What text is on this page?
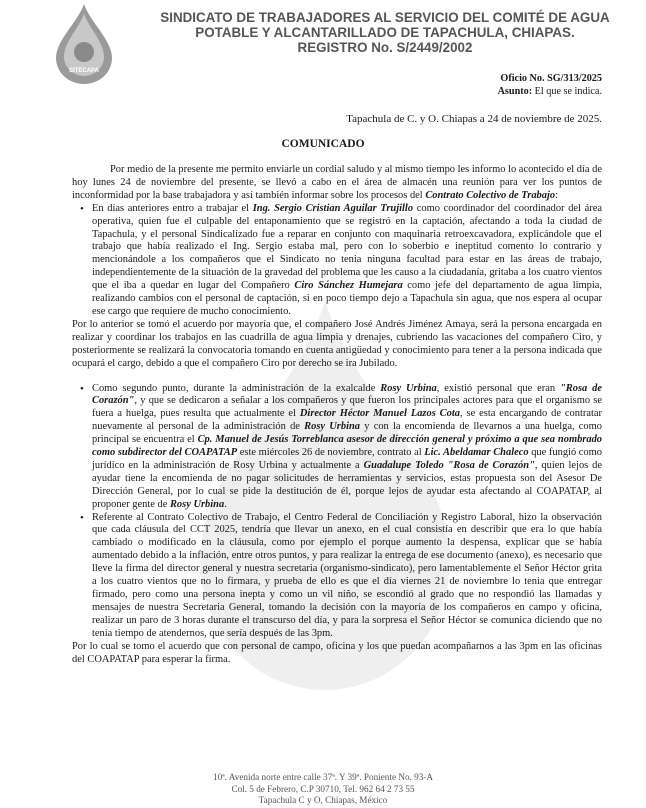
SITECAPA
SINDICATO DE TRABAJADORES AL SERVICIO DEL COMITÉ DE AGUA
POTABLE Y ALCANTARILLADO DE TAPACHULA, CHIAPAS.
REGISTRO No. S/2449/2002
Oficio No. SG/313/2025
Asunto: El que se indica.
Tapachula de C. y O. Chiapas a 24 de noviembre de 2025.
COMUNICADO

Por medio de la presente me permito enviarle un cordial saludo y al mismo tiempo les informo lo acontecido el día de hoy lunes 24 de noviembre del presente, se llevó a cabo en el área de almacén una reunión para ver los puntos de inconformidad por la base trabajadora y así también informar sobre los procesos del Contrato Colectivo de Trabajo:

• En días anteriores entro a trabajar el Ing. Sergio Cristian Aguilar Trujillo como coordinador del coordinador del área operativa, quien fue el culpable del entaponamiento que se registró en la captación, afectando a toda la ciudad de Tapachula, y el personal Sindicalizado fue a reparar en conjunto con maquinaria retroexcavadora, explicándole que el trabajo que había realizado el Ing. Sergio estaba mal, pero con lo soberbio e ineptitud comento lo contrario y mencionándole a los compañeros que el Sindicato no tenia ninguna facultad para estar en las áreas de trabajo, independientemente de la situación de la gravedad del problema que les causo a la ciudadanía, gritaba a los cuatro vientos que el iba a quedar en lugar del Compañero Ciro Sánchez Humejara como jefe del departamento de agua limpia, realizando cambios con el personal de captación, si en poco tiempo dejo a Tapachula sin agua, que nos espera al ocupar ese cargo que requiere de mucho conocimiento.

Por lo anterior se tomó el acuerdo por mayoría que, el compañero José Andrés Jiménez Amaya, será la persona encargada en realizar y coordinar los trabajos en las cuadrilla de agua limpia y drenajes, cubriendo las vacaciones del compañero Ciro, y posteriormente se realizará la convocatoria tomando en cuenta antigüedad y conocimiento para tener a la persona indicada que ocupará el cargo, debido a que el compañero Ciro por derecho se ira Jubilado.

• Como segundo punto, durante la administración de la exalcalde Rosy Urbina, existió personal que eran "Rosa de Corazón", y que se dedicaron a señalar a los compañeros y que fueron los principales actores para que el organismo se fuera a huelga, pues resulta que actualmente el Director Héctor Manuel Lazos Cota, se esta encargando de contratar nuevamente al personal de la administración de Rosy Urbina y con la encomienda de llevarnos a una huelga, como principal se encuentra el Cp. Manuel de Jesús Torreblanca asesor de dirección general y próximo a que sea nombrado como subdirector del COAPATAP este miércoles 26 de noviembre, contrato al Lic. Abeldamar Chaleco que fungió como jurídico en la administración de Rosy Urbina y actualmente a Guadalupe Toledo "Rosa de Corazón", quien lejos de ayudar tiene la encomienda de no pagar solicitudes de herramientas y servicios, estas propuesta son del Asesor De Dirección General, por lo cual se pide la destitución de él, porque lejos de ayudar esta afectando al COAPATAP, al proponer gente de Rosy Urbina.
• Referente al Contrato Colectivo de Trabajo, el Centro Federal de Conciliación y Registro Laboral, hizo la observación que cada cláusula del CCT 2025, tendría que llevar un anexo, en el cual consistía en describir que era lo que había cambiado o modificado en la cláusula, como por ejemplo el porque aumento la despensa, explicar que se había aumentado debido a la inflación, entre otros puntos, y para realizar la entrega de ese documento (anexo), es necesario que lleve la firma del director general y nuestra secretaria (organismo-sindicato), pero lamentablemente el Señor Héctor grita a los cuatro vientos que no lo firmara, y prueba de ello es que el día viernes 21 de noviembre lo tenia que entregar firmado, pero como una persona inepta y como un vil niño, se escondió al grado que no respondió las llamadas y mensajes de nuestra Secretaria General, tomando la decisión con la mayoría de los compañeros en campo y oficina, realizar un paro de 3 horas durante el transcurso del día, y para la sorpresa el Señor Héctor se comunica diciendo que no tenía tiempo de atendernos, que sería después de las 3pm.

Por lo cual se tomo el acuerdo que con personal de campo, oficina y los que puedan acompañarnos a las 3pm en las oficinas del COAPATAP para esperar la firma.

10ª. Avenida norte entre calle 37ª. Y 39ª. Poniente No. 93-A
Col. 5 de Febrero, C.P 30710, Tel. 962 64 2 73 55
Tapachula C y O, Chiapas, México
